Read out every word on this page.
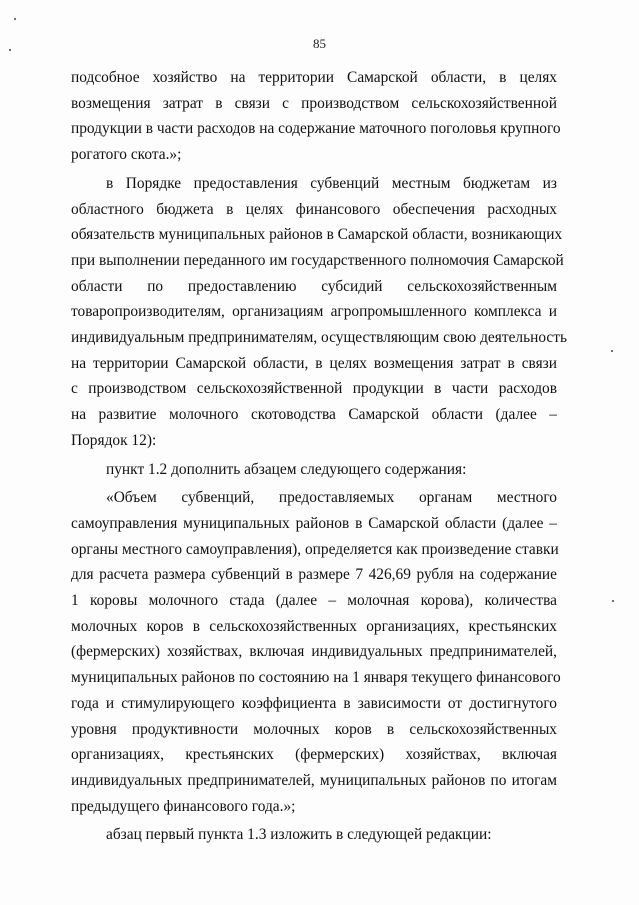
85

подсобное хозяйство на территории Самарской области, в целях
возмещения затрат в связи с производством сельскохозяйственной
продукции в части расходов на содержание маточного поголовья крупного
рогатого скота.»;

в Порядке предоставления субвенций местным бюджетам из
областного бюджета в целях финансового обеспечения расходных
обязательств муниципальных районов в Самарской области, возникающих
при выполнении переданного им государственного полномочия Самарской
области по предоставлению субсидий сельскохозяйственным
товаропроизводителям, организациям агропромышленного комплекса и
индивидуальным предпринимателям, осуществляющим свою деятельность
на территории Самарской области, в целях возмещения затрат в связи
с производством сельскохозяйственной продукции в части расходов
на развитие молочного скотоводства Самарской области (далее –
Порядок 12):

пункт 1.2 дополнить абзацем следующего содержания:

«Объем субвенций, предоставляемых органам местного
самоуправления муниципальных районов в Самарской области (далее –
органы местного самоуправления), определяется как произведение ставки
для расчета размера субвенций в размере 7 426,69 рубля на содержание
1 коровы молочного стада (далее – молочная корова), количества
молочных коров в сельскохозяйственных организациях, крестьянских
(фермерских) хозяйствах, включая индивидуальных предпринимателей,
муниципальных районов по состоянию на 1 января текущего финансового
года и стимулирующего коэффициента в зависимости от достигнутого
уровня продуктивности молочных коров в сельскохозяйственных
организациях, крестьянских (фермерских) хозяйствах, включая
индивидуальных предпринимателей, муниципальных районов по итогам
предыдущего финансового года.»;

абзац первый пункта 1.3 изложить в следующей редакции:
